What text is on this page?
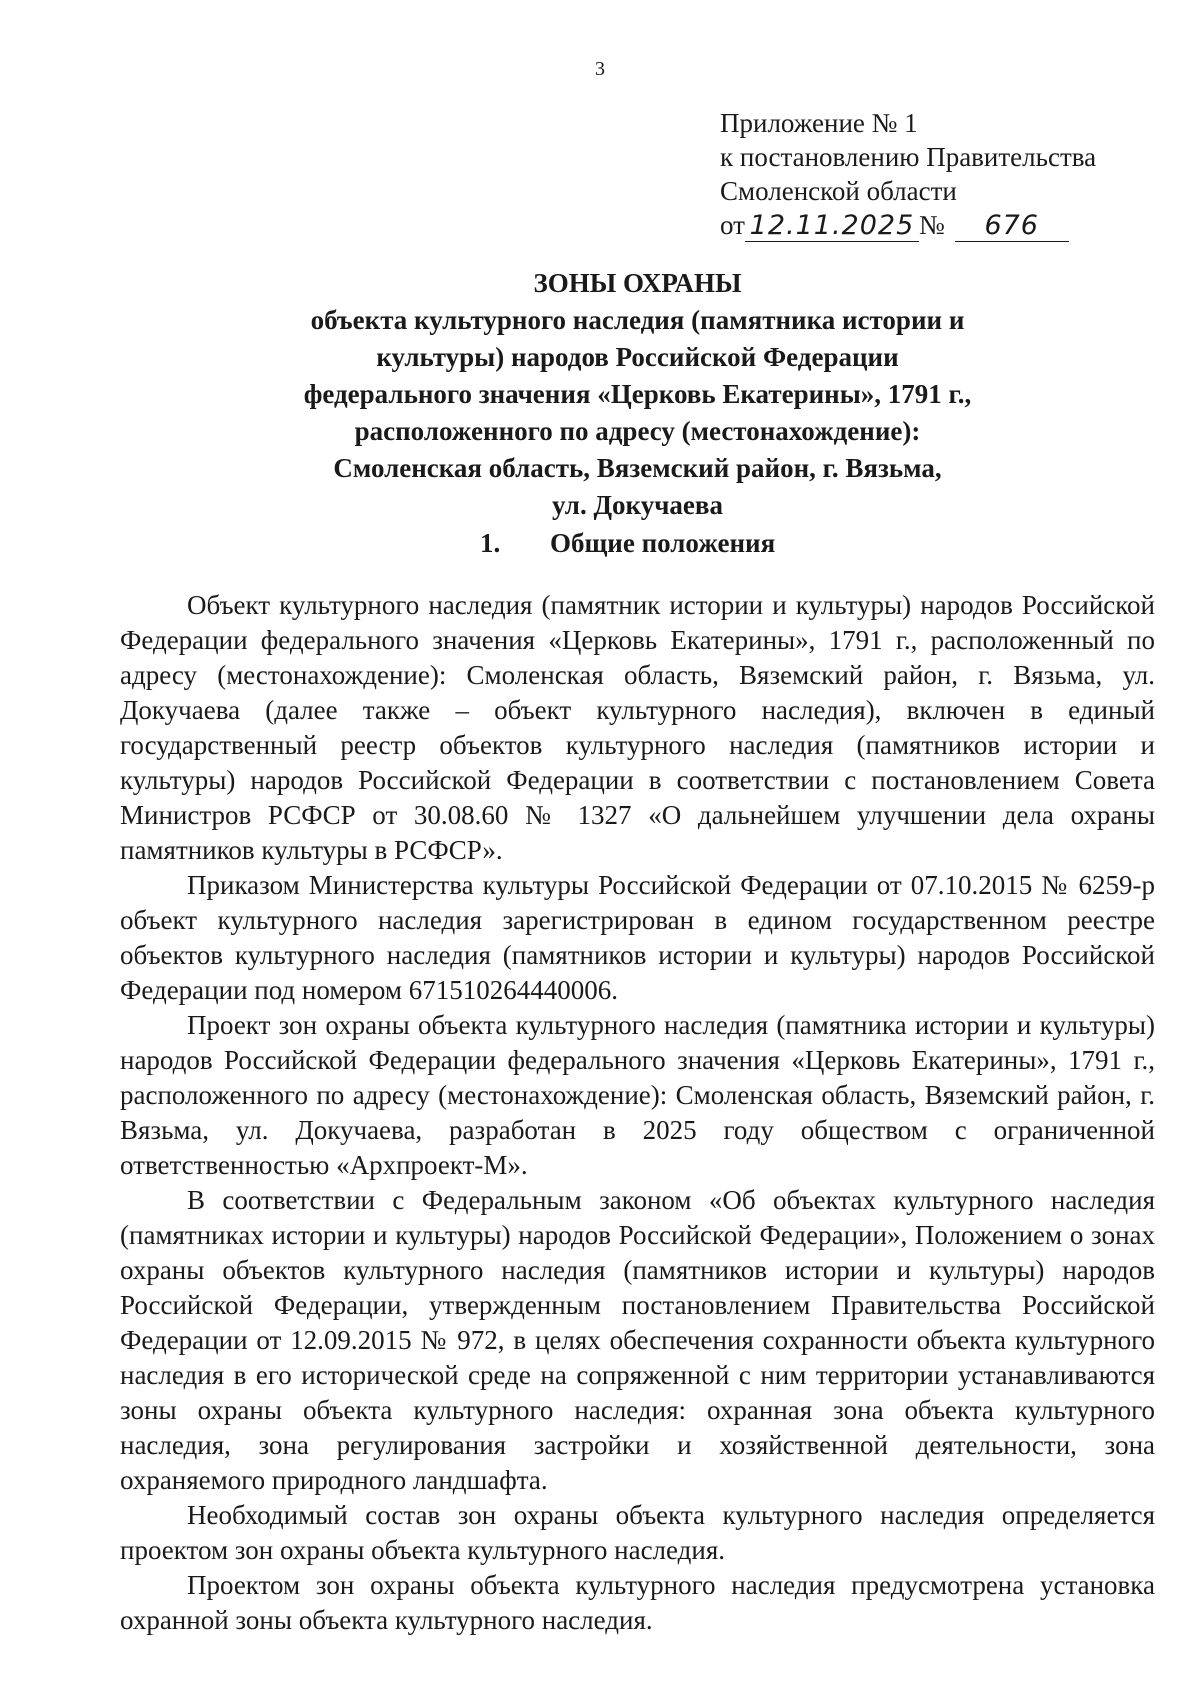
3
Приложение № 1
к постановлению Правительства
Смоленской области
от 12.11.2025 № 676
ЗОНЫ ОХРАНЫ
объекта культурного наследия (памятника истории и
культуры) народов Российской Федерации
федерального значения «Церковь Екатерины», 1791 г.,
расположенного по адресу (местонахождение):
Смоленская область, Вяземский район, г. Вязьма,
ул. Докучаева
1. Общие положения

Объект культурного наследия (памятник истории и культуры) народов Российской Федерации федерального значения «Церковь Екатерины», 1791 г., расположенный по адресу (местонахождение): Смоленская область, Вяземский район, г. Вязьма, ул. Докучаева (далее также – объект культурного наследия), включен в единый государственный реестр объектов культурного наследия (памятников истории и культуры) народов Российской Федерации в соответствии с постановлением Совета Министров РСФСР от 30.08.60 № 1327 «О дальнейшем улучшении дела охраны памятников культуры в РСФСР».

Приказом Министерства культуры Российской Федерации от 07.10.2015 № 6259-р объект культурного наследия зарегистрирован в едином государственном реестре объектов культурного наследия (памятников истории и культуры) народов Российской Федерации под номером 671510264440006.

Проект зон охраны объекта культурного наследия (памятника истории и культуры) народов Российской Федерации федерального значения «Церковь Екатерины», 1791 г., расположенного по адресу (местонахождение): Смоленская область, Вяземский район, г. Вязьма, ул. Докучаева, разработан в 2025 году обществом с ограниченной ответственностью «Архпроект-М».

В соответствии с Федеральным законом «Об объектах культурного наследия (памятниках истории и культуры) народов Российской Федерации», Положением о зонах охраны объектов культурного наследия (памятников истории и культуры) народов Российской Федерации, утвержденным постановлением Правительства Российской Федерации от 12.09.2015 № 972, в целях обеспечения сохранности объекта культурного наследия в его исторической среде на сопряженной с ним территории устанавливаются зоны охраны объекта культурного наследия: охранная зона объекта культурного наследия, зона регулирования застройки и хозяйственной деятельности, зона охраняемого природного ландшафта.

Необходимый состав зон охраны объекта культурного наследия определяется проектом зон охраны объекта культурного наследия.

Проектом зон охраны объекта культурного наследия предусмотрена установка охранной зоны объекта культурного наследия.
